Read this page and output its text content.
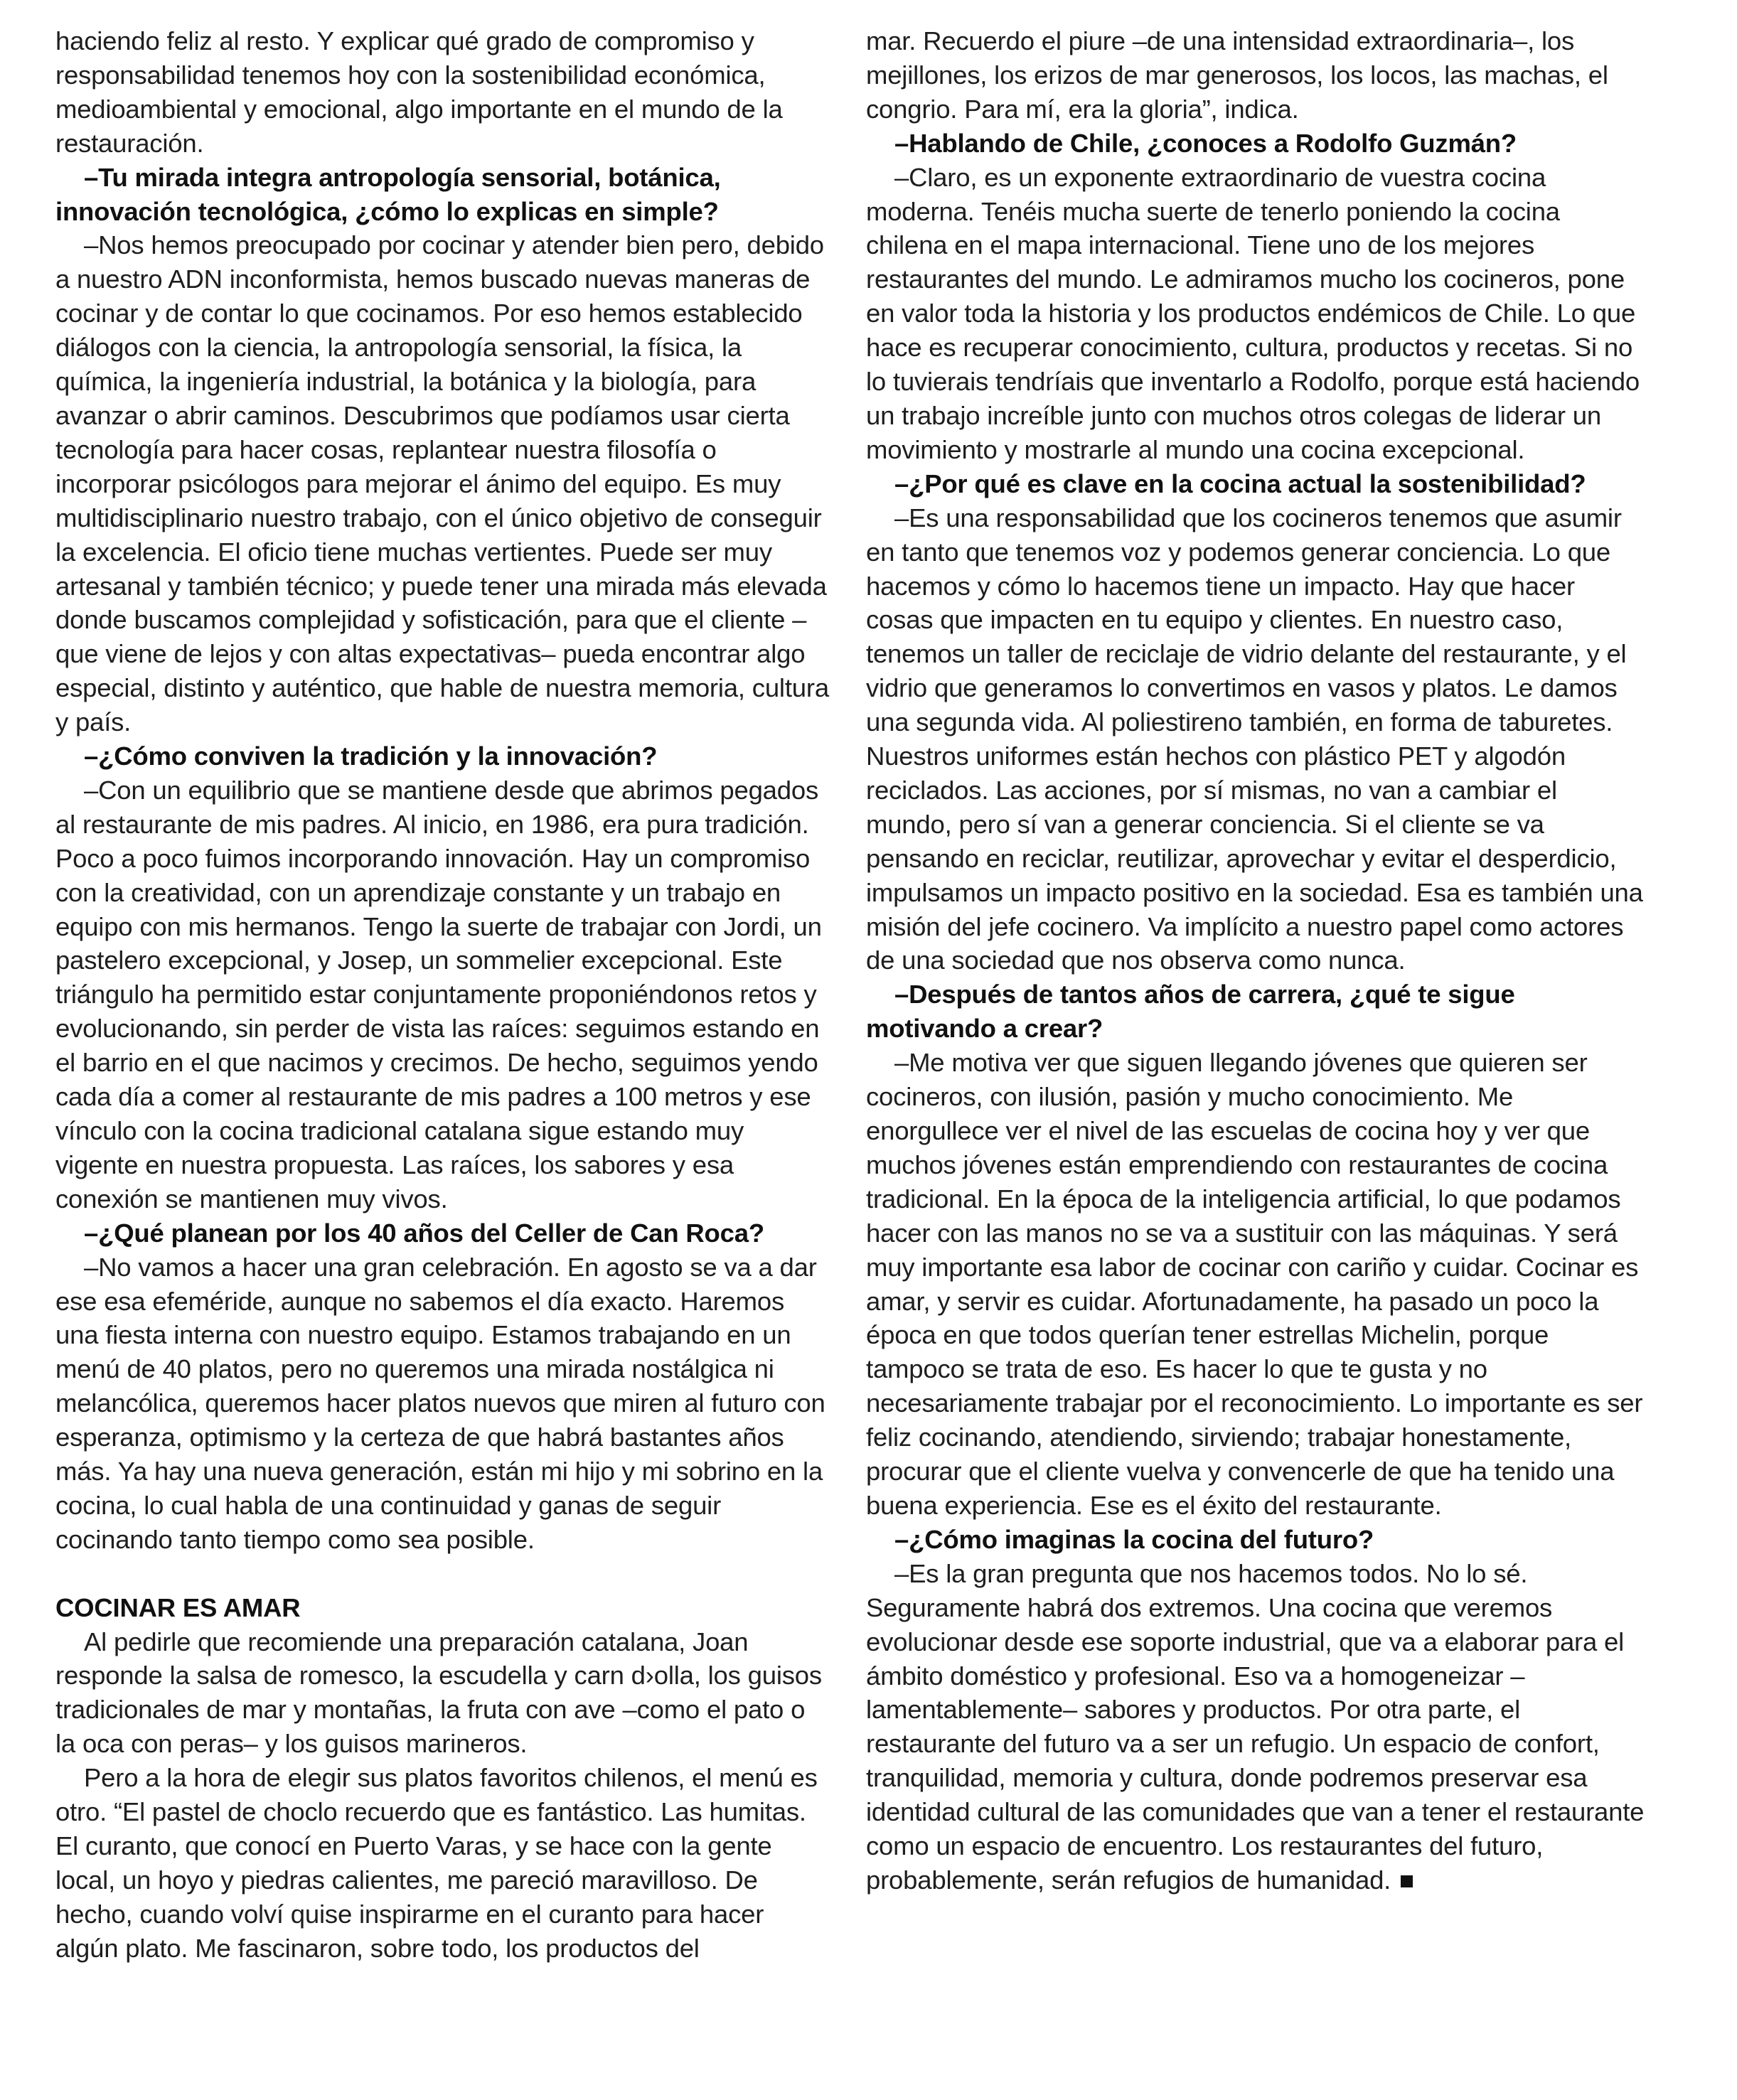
haciendo feliz al resto. Y explicar qué grado de compromiso y responsabilidad tenemos hoy con la sostenibilidad económica, medioambiental y emocional, algo importante en el mundo de la restauración.

–Tu mirada integra antropología sensorial, botánica, innovación tecnológica, ¿cómo lo explicas en simple?

–Nos hemos preocupado por cocinar y atender bien pero, debido a nuestro ADN inconformista, hemos buscado nuevas maneras de cocinar y de contar lo que cocinamos. Por eso hemos establecido diálogos con la ciencia, la antropología sensorial, la física, la química, la ingeniería industrial, la botánica y la biología, para avanzar o abrir caminos. Descubrimos que podíamos usar cierta tecnología para hacer cosas, replantear nuestra filosofía o incorporar psicólogos para mejorar el ánimo del equipo. Es muy multidisciplinario nuestro trabajo, con el único objetivo de conseguir la excelencia. El oficio tiene muchas vertientes. Puede ser muy artesanal y también técnico; y puede tener una mirada más elevada donde buscamos complejidad y sofisticación, para que el cliente –que viene de lejos y con altas expectativas– pueda encontrar algo especial, distinto y auténtico, que hable de nuestra memoria, cultura y país.

–¿Cómo conviven la tradición y la innovación?

–Con un equilibrio que se mantiene desde que abrimos pegados al restaurante de mis padres. Al inicio, en 1986, era pura tradición. Poco a poco fuimos incorporando innovación. Hay un compromiso con la creatividad, con un aprendizaje constante y un trabajo en equipo con mis hermanos. Tengo la suerte de trabajar con Jordi, un pastelero excepcional, y Josep, un sommelier excepcional. Este triángulo ha permitido estar conjuntamente proponiéndonos retos y evolucionando, sin perder de vista las raíces: seguimos estando en el barrio en el que nacimos y crecimos. De hecho, seguimos yendo cada día a comer al restaurante de mis padres a 100 metros y ese vínculo con la cocina tradicional catalana sigue estando muy vigente en nuestra propuesta. Las raíces, los sabores y esa conexión se mantienen muy vivos.

–¿Qué planean por los 40 años del Celler de Can Roca?

–No vamos a hacer una gran celebración. En agosto se va a dar ese esa efeméride, aunque no sabemos el día exacto. Haremos una fiesta interna con nuestro equipo. Estamos trabajando en un menú de 40 platos, pero no queremos una mirada nostálgica ni melancólica, queremos hacer platos nuevos que miren al futuro con esperanza, optimismo y la certeza de que habrá bastantes años más. Ya hay una nueva generación, están mi hijo y mi sobrino en la cocina, lo cual habla de una continuidad y ganas de seguir cocinando tanto tiempo como sea posible.

COCINAR ES AMAR

Al pedirle que recomiende una preparación catalana, Joan responde la salsa de romesco, la escudella y carn d›olla, los guisos tradicionales de mar y montañas, la fruta con ave –como el pato o la oca con peras– y los guisos marineros.

Pero a la hora de elegir sus platos favoritos chilenos, el menú es otro. “El pastel de choclo recuerdo que es fantástico. Las humitas. El curanto, que conocí en Puerto Varas, y se hace con la gente local, un hoyo y piedras calientes, me pareció maravilloso. De hecho, cuando volví quise inspirarme en el curanto para hacer algún plato. Me fascinaron, sobre todo, los productos del

mar. Recuerdo el piure –de una intensidad extraordinaria–, los mejillones, los erizos de mar generosos, los locos, las machas, el congrio. Para mí, era la gloria”, indica.

–Hablando de Chile, ¿conoces a Rodolfo Guzmán?

–Claro, es un exponente extraordinario de vuestra cocina moderna. Tenéis mucha suerte de tenerlo poniendo la cocina chilena en el mapa internacional. Tiene uno de los mejores restaurantes del mundo. Le admiramos mucho los cocineros, pone en valor toda la historia y los productos endémicos de Chile. Lo que hace es recuperar conocimiento, cultura, productos y recetas. Si no lo tuvierais tendríais que inventarlo a Rodolfo, porque está haciendo un trabajo increíble junto con muchos otros colegas de liderar un movimiento y mostrarle al mundo una cocina excepcional.

–¿Por qué es clave en la cocina actual la sostenibilidad?

–Es una responsabilidad que los cocineros tenemos que asumir en tanto que tenemos voz y podemos generar conciencia. Lo que hacemos y cómo lo hacemos tiene un impacto. Hay que hacer cosas que impacten en tu equipo y clientes. En nuestro caso, tenemos un taller de reciclaje de vidrio delante del restaurante, y el vidrio que generamos lo convertimos en vasos y platos. Le damos una segunda vida. Al poliestireno también, en forma de taburetes. Nuestros uniformes están hechos con plástico PET y algodón reciclados. Las acciones, por sí mismas, no van a cambiar el mundo, pero sí van a generar conciencia. Si el cliente se va pensando en reciclar, reutilizar, aprovechar y evitar el desperdicio, impulsamos un impacto positivo en la sociedad. Esa es también una misión del jefe cocinero. Va implícito a nuestro papel como actores de una sociedad que nos observa como nunca.

–Después de tantos años de carrera, ¿qué te sigue motivando a crear?

–Me motiva ver que siguen llegando jóvenes que quieren ser cocineros, con ilusión, pasión y mucho conocimiento. Me enorgullece ver el nivel de las escuelas de cocina hoy y ver que muchos jóvenes están emprendiendo con restaurantes de cocina tradicional. En la época de la inteligencia artificial, lo que podamos hacer con las manos no se va a sustituir con las máquinas. Y será muy importante esa labor de cocinar con cariño y cuidar. Cocinar es amar, y servir es cuidar. Afortunadamente, ha pasado un poco la época en que todos querían tener estrellas Michelin, porque tampoco se trata de eso. Es hacer lo que te gusta y no necesariamente trabajar por el reconocimiento. Lo importante es ser feliz cocinando, atendiendo, sirviendo; trabajar honestamente, procurar que el cliente vuelva y convencerle de que ha tenido una buena experiencia. Ese es el éxito del restaurante.

–¿Cómo imaginas la cocina del futuro?

–Es la gran pregunta que nos hacemos todos. No lo sé. Seguramente habrá dos extremos. Una cocina que veremos evolucionar desde ese soporte industrial, que va a elaborar para el ámbito doméstico y profesional. Eso va a homogeneizar –lamentablemente– sabores y productos. Por otra parte, el restaurante del futuro va a ser un refugio. Un espacio de confort, tranquilidad, memoria y cultura, donde podremos preservar esa identidad cultural de las comunidades que van a tener el restaurante como un espacio de encuentro. Los restaurantes del futuro, probablemente, serán refugios de humanidad.
